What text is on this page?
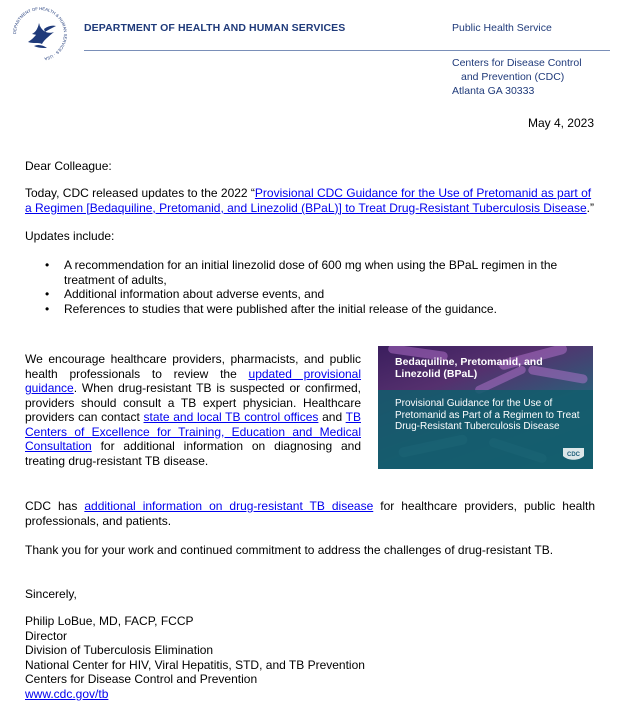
DEPARTMENT OF HEALTH & HUMAN SERVICES · USA
DEPARTMENT OF HEALTH AND HUMAN SERVICES	Public Health Service
Centers for Disease Control
and Prevention (CDC)
Atlanta GA 30333
May 4, 2023
Dear Colleague:
Today, CDC released updates to the 2022 “Provisional CDC Guidance for the Use of Pretomanid as part of a Regimen [Bedaquiline, Pretomanid, and Linezolid (BPaL)] to Treat Drug-Resistant Tuberculosis Disease.”
Updates include:
• A recommendation for an initial linezolid dose of 600 mg when using the BPaL regimen in the treatment of adults,
• Additional information about adverse events, and
• References to studies that were published after the initial release of the guidance.
We encourage healthcare providers, pharmacists, and public health professionals to review the updated provisional guidance. When drug-resistant TB is suspected or confirmed, providers should consult a TB expert physician. Healthcare providers can contact state and local TB control offices and TB Centers of Excellence for Training, Education and Medical Consultation for additional information on diagnosing and treating drug-resistant TB disease.
Bedaquiline, Pretomanid, and Linezolid (BPaL)
Provisional Guidance for the Use of Pretomanid as Part of a Regimen to Treat Drug-Resistant Tuberculosis Disease
CDC
CDC has additional information on drug-resistant TB disease for healthcare providers, public health professionals, and patients.
Thank you for your work and continued commitment to address the challenges of drug-resistant TB.
Sincerely,
Philip LoBue, MD, FACP, FCCP
Director
Division of Tuberculosis Elimination
National Center for HIV, Viral Hepatitis, STD, and TB Prevention
Centers for Disease Control and Prevention
www.cdc.gov/tb
